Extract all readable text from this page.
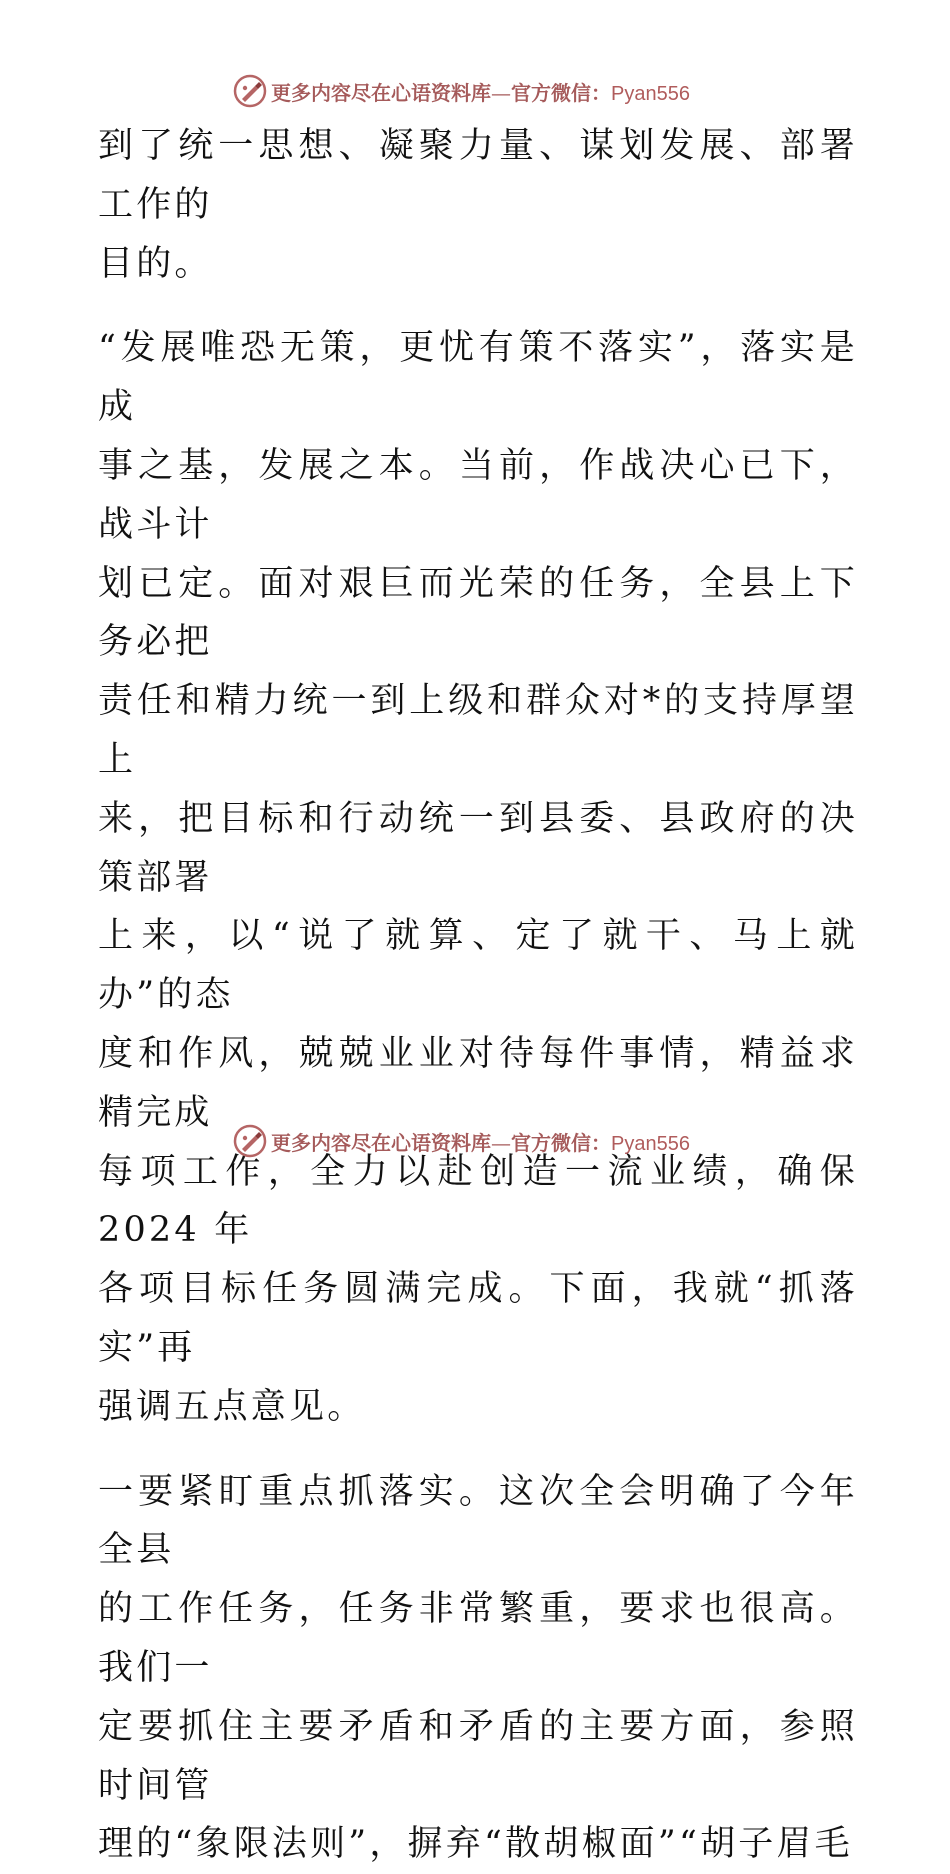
更多内容尽在心语资料库—官方微信：Pyan556

到了统一思想、凝聚力量、谋划发展、部署工作的
目的。

“发展唯恐无策，更忧有策不落实”，落实是成
事之基，发展之本。当前，作战决心已下，战斗计
划已定。面对艰巨而光荣的任务，全县上下务必把
责任和精力统一到上级和群众对*的支持厚望上
来，把目标和行动统一到县委、县政府的决策部署
上来，以“说了就算、定了就干、马上就办”的态
度和作风，兢兢业业对待每件事情，精益求精完成
每项工作，全力以赴创造一流业绩，确保 2024 年
各项目标任务圆满完成。下面，我就“抓落实”再
强调五点意见。

一要紧盯重点抓落实。这次全会明确了今年全县
的工作任务，任务非常繁重，要求也很高。我们一
定要抓住主要矛盾和矛盾的主要方面，参照时间管
理的“象限法则”，摒弃“散胡椒面”“胡子眉毛

更多内容尽在心语资料库—官方微信：Pyan556
